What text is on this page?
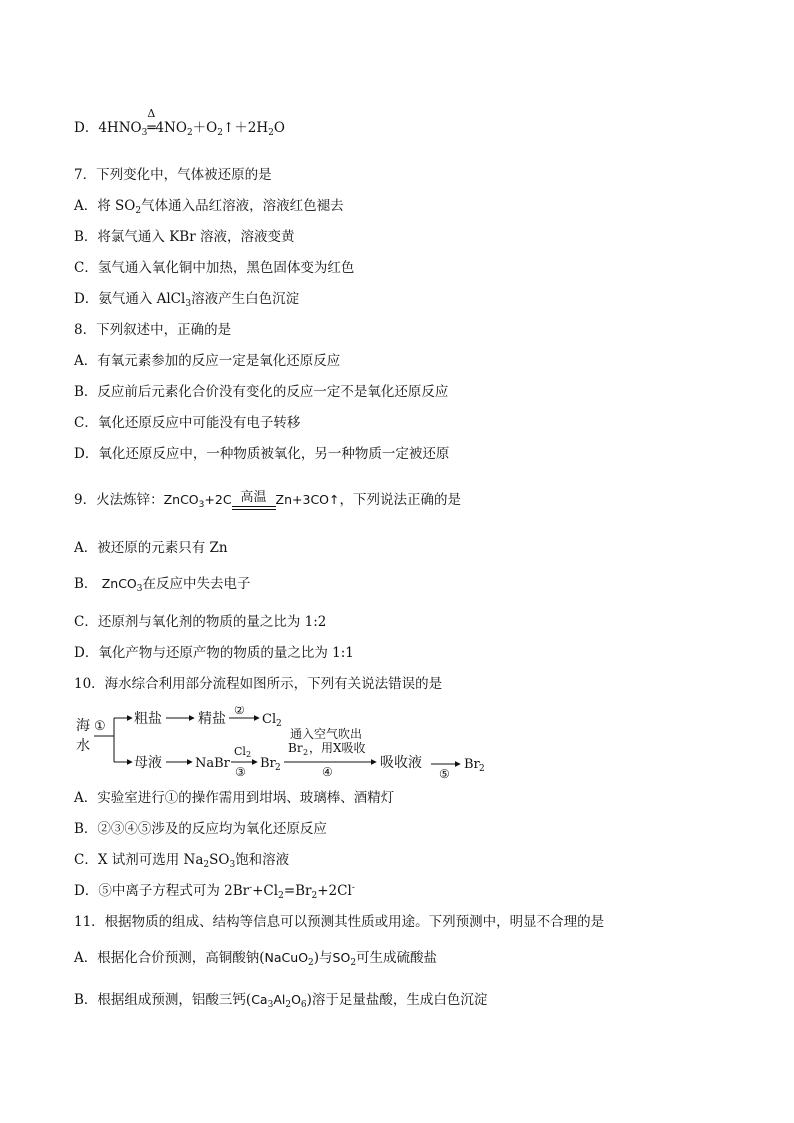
D．$4HNO_3$
Δ
$═4NO_2+O_2↑+2H_2O$
7．下列变化中，气体被还原的是
A．将 $SO_2$气体通入品红溶液，溶液红色褪去
B．将氯气通入 KBr 溶液，溶液变黄
C．氢气通入氧化铜中加热，黑色固体变为红色
D．氨气通入 AlCl$_3$溶液产生白色沉淀
8．下列叙述中，正确的是
A．有氧元素参加的反应一定是氧化还原反应
B．反应前后元素化合价没有变化的反应一定不是氧化还原反应
C．氧化还原反应中可能没有电子转移
D．氧化还原反应中，一种物质被氧化，另一种物质一定被还原
9．火法炼锌：ZnCO$_3$+2C 高温 Zn+3CO↑，下列说法正确的是
A．被还原的元素只有 Zn
B． ZnCO$_3$在反应中失去电子
C．还原剂与氧化剂的物质的量之比为 1:2
D．氧化产物与还原产物的物质的量之比为 1:1
10．海水综合利用部分流程如图所示，下列有关说法错误的是
海
水
① 粗盐	精盐
②
Cl 2
母液	NaBr
Cl 2
③
Br 2
通入空气吹出
Br 2 ，用X吸收
④
吸收液
⑤
Br 2
A．实验室进行①的操作需用到坩埚、玻璃棒、酒精灯
B．②③④⑤涉及的反应均为氧化还原反应
C．X 试剂可选用 $Na_2SO_3$饱和溶液
D．⑤中离子方程式可为 $2Br^-+Cl_2=Br_2+2Cl^-$
11．根据物质的组成、结构等信息可以预测其性质或用途。下列预测中，明显不合理的是
A．根据化合价预测，高铜酸钠(NaCuO$_2$)与$SO_2$可生成硫酸盐
B．根据组成预测，铝酸三钙$(Ca_3Al_2O_6)$溶于足量盐酸，生成白色沉淀
